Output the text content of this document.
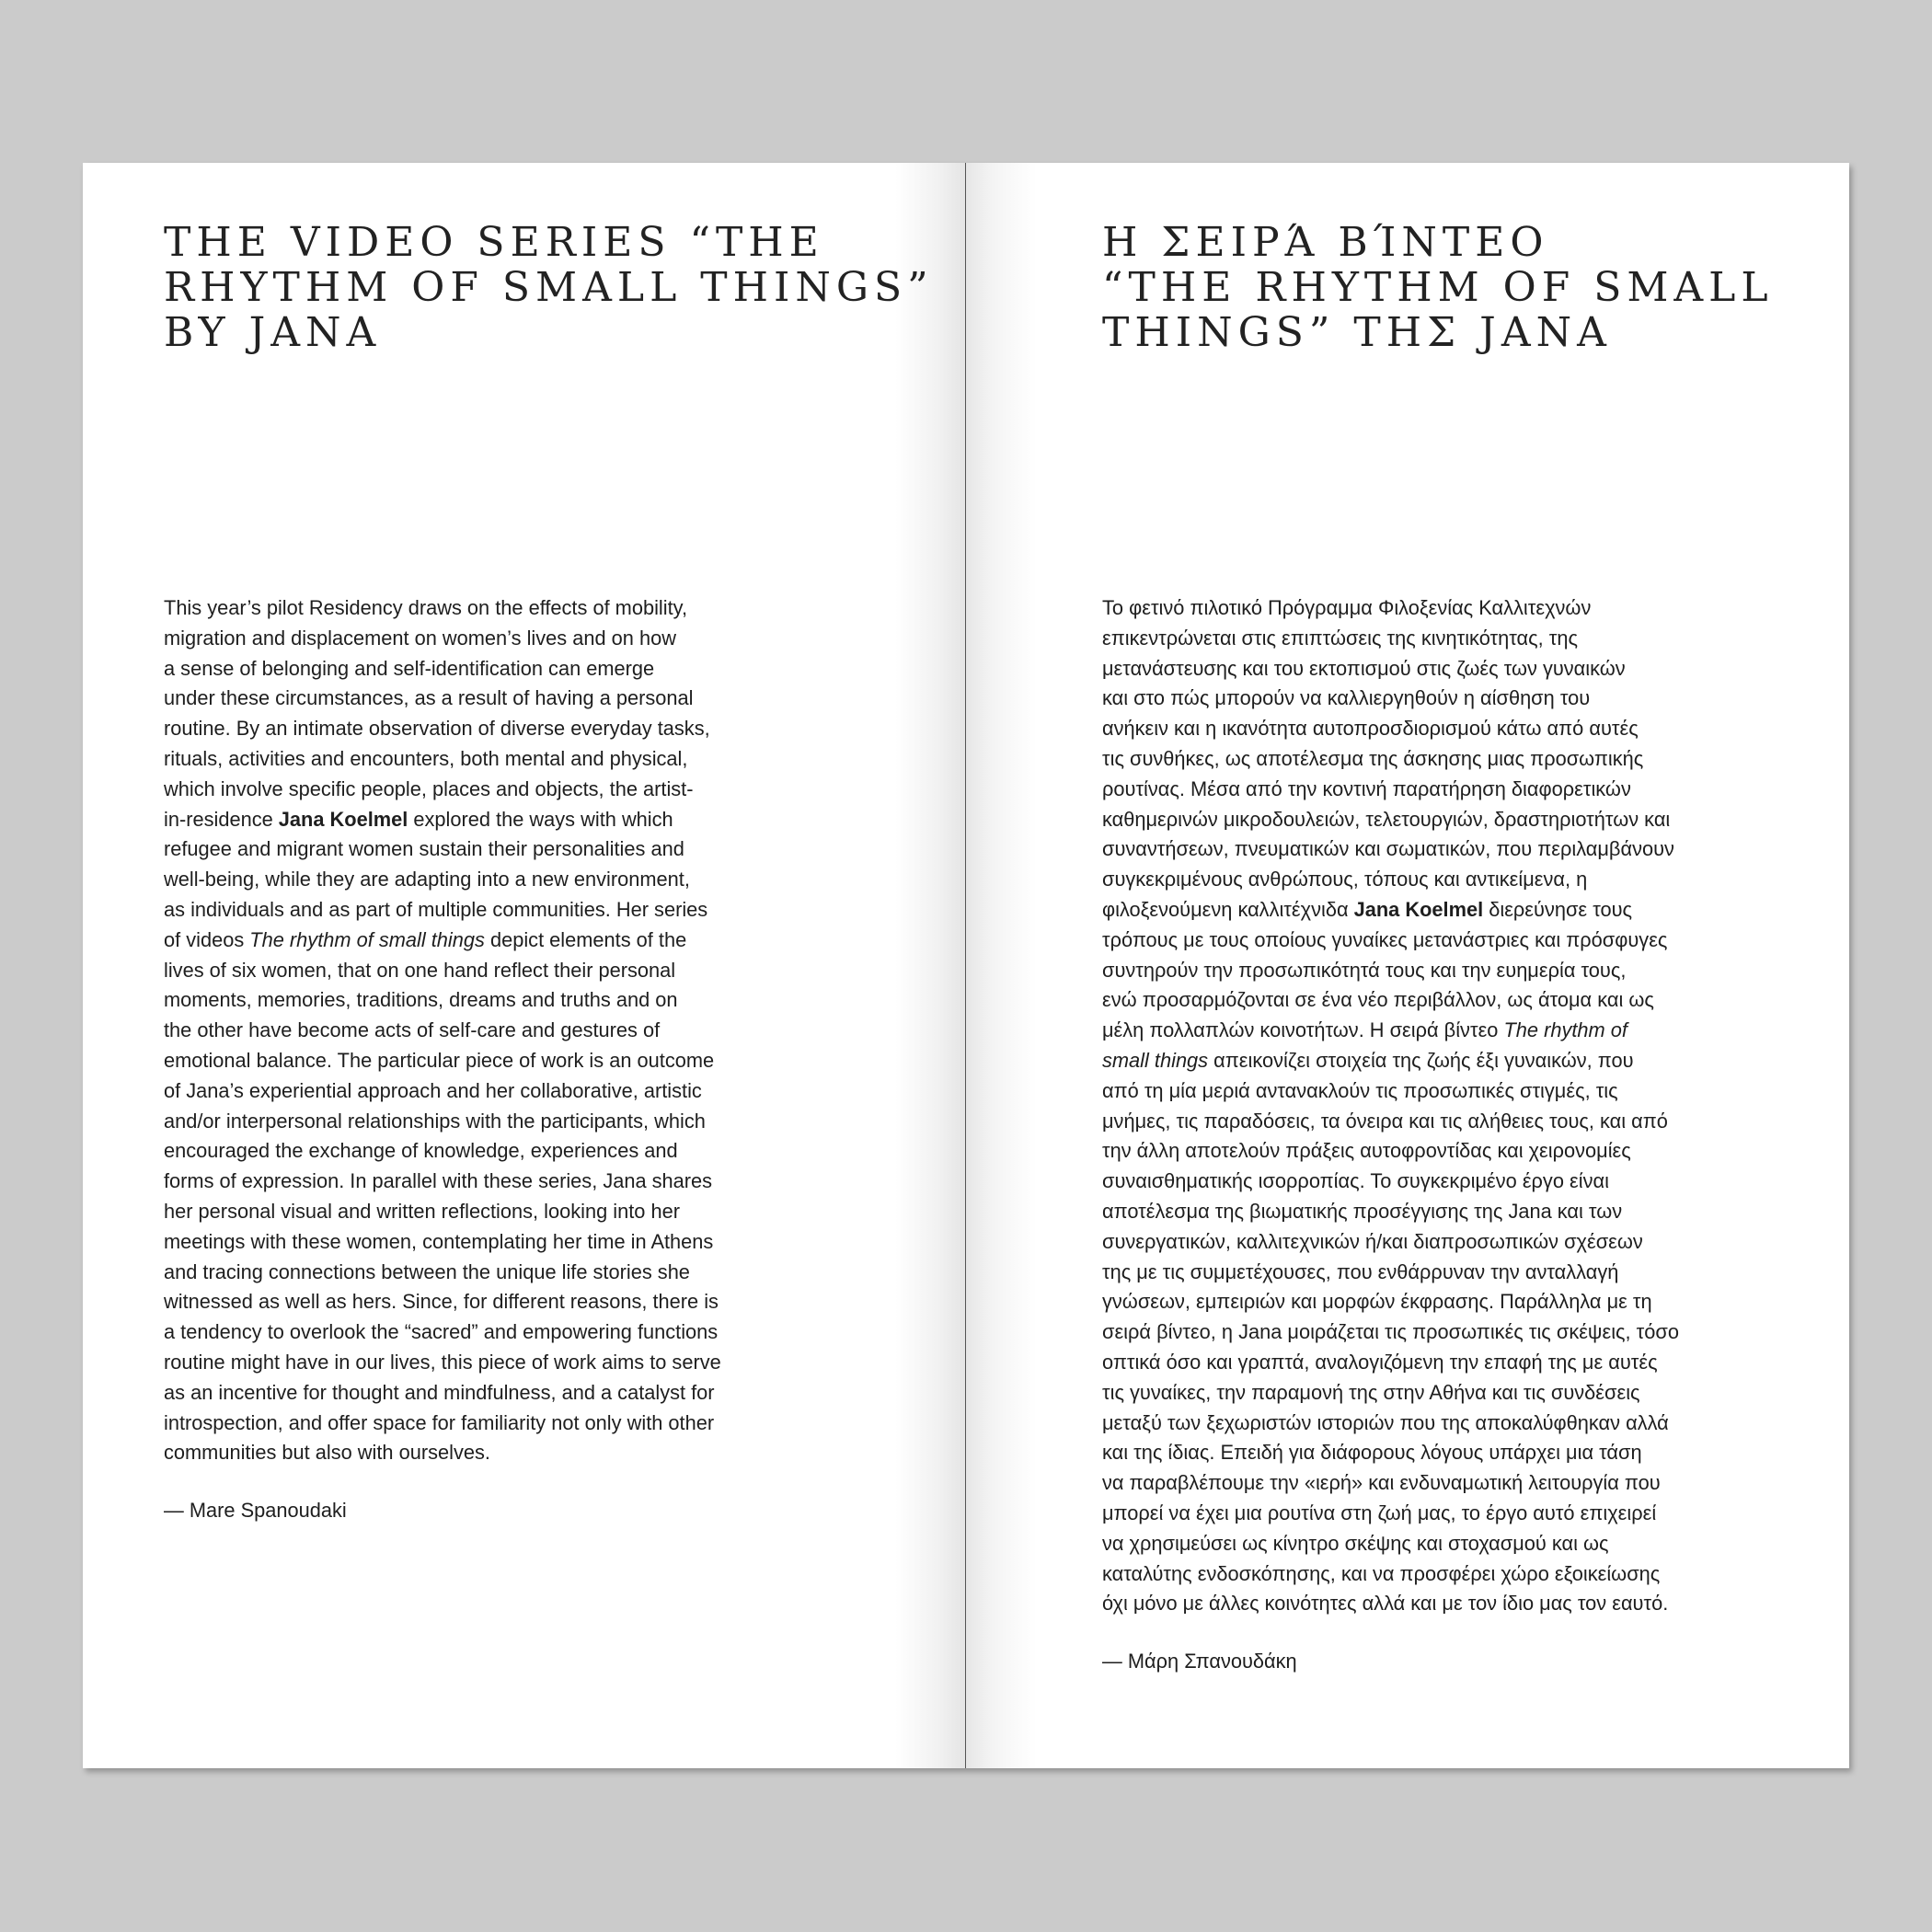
THE VIDEO SERIES “THE
RHYTHM OF SMALL THINGS”
BY JANA
This year’s pilot Residency draws on the effects of mobility,
migration and displacement on women’s lives and on how
a sense of belonging and self-identification can emerge
under these circumstances, as a result of having a personal
routine. By an intimate observation of diverse everyday tasks,
rituals, activities and encounters, both mental and physical,
which involve specific people, places and objects, the artist-
in-residence Jana Koelmel explored the ways with which
refugee and migrant women sustain their personalities and
well-being, while they are adapting into a new environment,
as individuals and as part of multiple communities. Her series
of videos The rhythm of small things depict elements of the
lives of six women, that on one hand reflect their personal
moments, memories, traditions, dreams and truths and on
the other have become acts of self-care and gestures of
emotional balance. The particular piece of work is an outcome
of Jana’s experiential approach and her collaborative, artistic
and/or interpersonal relationships with the participants, which
encouraged the exchange of knowledge, experiences and
forms of expression. In parallel with these series, Jana shares
her personal visual and written reflections, looking into her
meetings with these women, contemplating her time in Athens
and tracing connections between the unique life stories she
witnessed as well as hers. Since, for different reasons, there is
a tendency to overlook the “sacred” and empowering functions
routine might have in our lives, this piece of work aims to serve
as an incentive for thought and mindfulness, and a catalyst for
introspection, and offer space for familiarity not only with other
communities but also with ourselves.

— Mare Spanoudaki

Η ΣΕΙΡΆ ΒΊΝΤΕΟ
“THE RHYTHM OF SMALL
THINGS” ΤΗΣ JANA
Το φετινό πιλοτικό Πρόγραμμα Φιλοξενίας Καλλιτεχνών
επικεντρώνεται στις επιπτώσεις της κινητικότητας, της
μετανάστευσης και του εκτοπισμού στις ζωές των γυναικών
και στο πώς μπορούν να καλλιεργηθούν η αίσθηση του
ανήκειν και η ικανότητα αυτοπροσδιορισμού κάτω από αυτές
τις συνθήκες, ως αποτέλεσμα της άσκησης μιας προσωπικής
ρουτίνας. Μέσα από την κοντινή παρατήρηση διαφορετικών
καθημερινών μικροδουλειών, τελετουργιών, δραστηριοτήτων και
συναντήσεων, πνευματικών και σωματικών, που περιλαμβάνουν
συγκεκριμένους ανθρώπους, τόπους και αντικείμενα, η
φιλοξενούμενη καλλιτέχνιδα Jana Koelmel διερεύνησε τους
τρόπους με τους οποίους γυναίκες μετανάστριες και πρόσφυγες
συντηρούν την προσωπικότητά τους και την ευημερία τους,
ενώ προσαρμόζονται σε ένα νέο περιβάλλον, ως άτομα και ως
μέλη πολλαπλών κοινοτήτων. Η σειρά βίντεο The rhythm of
small things απεικονίζει στοιχεία της ζωής έξι γυναικών, που
από τη μία μεριά αντανακλούν τις προσωπικές στιγμές, τις
μνήμες, τις παραδόσεις, τα όνειρα και τις αλήθειες τους, και από
την άλλη αποτελούν πράξεις αυτοφροντίδας και χειρονομίες
συναισθηματικής ισορροπίας. Το συγκεκριμένο έργο είναι
αποτέλεσμα της βιωματικής προσέγγισης της Jana και των
συνεργατικών, καλλιτεχνικών ή/και διαπροσωπικών σχέσεων
της με τις συμμετέχουσες, που ενθάρρυναν την ανταλλαγή
γνώσεων, εμπειριών και μορφών έκφρασης. Παράλληλα με τη
σειρά βίντεο, η Jana μοιράζεται τις προσωπικές τις σκέψεις, τόσο
οπτικά όσο και γραπτά, αναλογιζόμενη την επαφή της με αυτές
τις γυναίκες, την παραμονή της στην Αθήνα και τις συνδέσεις
μεταξύ των ξεχωριστών ιστοριών που της αποκαλύφθηκαν αλλά
και της ίδιας. Επειδή για διάφορους λόγους υπάρχει μια τάση
να παραβλέπουμε την «ιερή» και ενδυναμωτική λειτουργία που
μπορεί να έχει μια ρουτίνα στη ζωή μας, το έργο αυτό επιχειρεί
να χρησιμεύσει ως κίνητρο σκέψης και στοχασμού και ως
καταλύτης ενδοσκόπησης, και να προσφέρει χώρο εξοικείωσης
όχι μόνο με άλλες κοινότητες αλλά και με τον ίδιο μας τον εαυτό.

— Μάρη Σπανουδάκη
